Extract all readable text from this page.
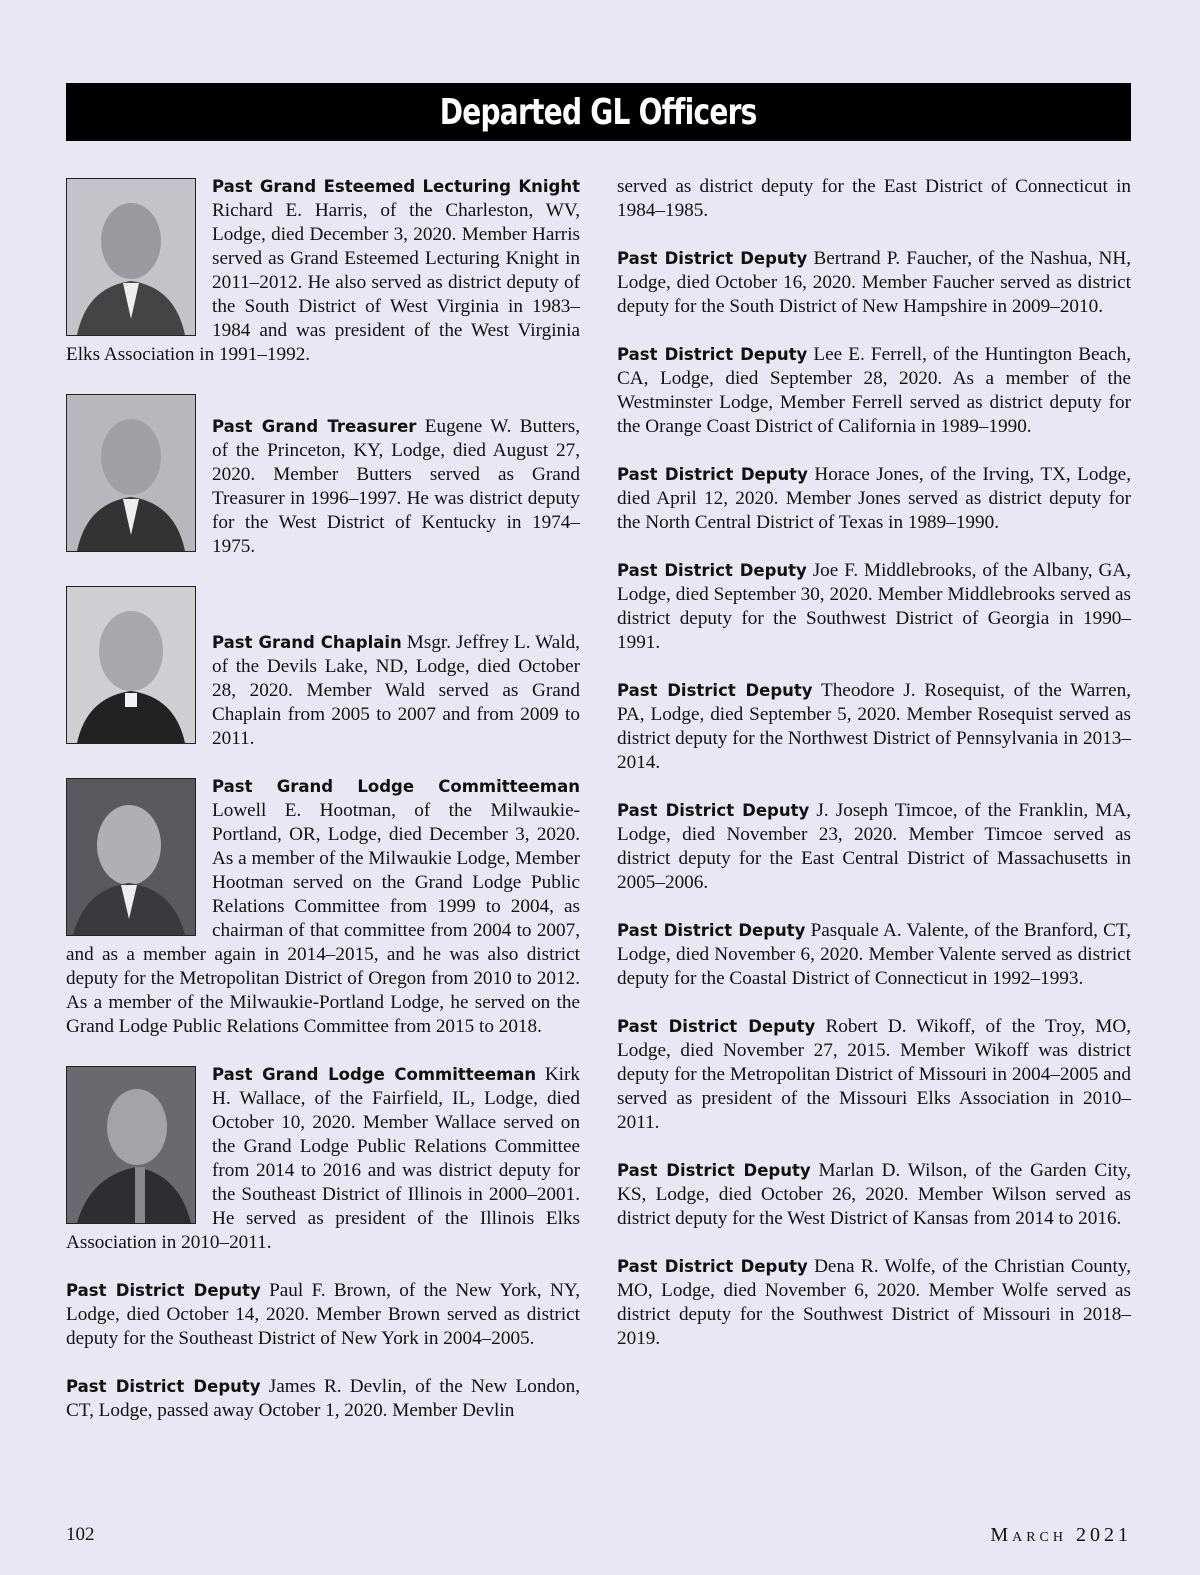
Departed GL Officers

Past Grand Esteemed Lecturing Knight Richard E. Harris, of the Charleston, WV, Lodge, died December 3, 2020. Member Harris served as Grand Esteemed Lecturing Knight in 2011–2012. He also served as district deputy of the South District of West Virginia in 1983–1984 and was president of the West Virginia Elks Association in 1991–1992.

Past Grand Treasurer Eugene W. Butters, of the Princeton, KY, Lodge, died August 27, 2020. Member Butters served as Grand Treasurer in 1996–1997. He was district deputy for the West District of Kentucky in 1974–1975.

Past Grand Chaplain Msgr. Jeffrey L. Wald, of the Devils Lake, ND, Lodge, died October 28, 2020. Member Wald served as Grand Chaplain from 2005 to 2007 and from 2009 to 2011.

Past Grand Lodge Committeeman Lowell E. Hootman, of the Milwaukie-Portland, OR, Lodge, died December 3, 2020. As a member of the Milwaukie Lodge, Member Hootman served on the Grand Lodge Public Relations Committee from 1999 to 2004, as chairman of that committee from 2004 to 2007, and as a member again in 2014–2015, and he was also district deputy for the Metropolitan District of Oregon from 2010 to 2012. As a member of the Milwaukie-Portland Lodge, he served on the Grand Lodge Public Relations Committee from 2015 to 2018.

Past Grand Lodge Committeeman Kirk H. Wallace, of the Fairfield, IL, Lodge, died October 10, 2020. Member Wallace served on the Grand Lodge Public Relations Committee from 2014 to 2016 and was district deputy for the Southeast District of Illinois in 2000–2001. He served as president of the Illinois Elks Association in 2010–2011.

Past District Deputy Paul F. Brown, of the New York, NY, Lodge, died October 14, 2020. Member Brown served as district deputy for the Southeast District of New York in 2004–2005.

Past District Deputy James R. Devlin, of the New London, CT, Lodge, passed away October 1, 2020. Member Devlin

served as district deputy for the East District of Connecticut in 1984–1985.

Past District Deputy Bertrand P. Faucher, of the Nashua, NH, Lodge, died October 16, 2020. Member Faucher served as district deputy for the South District of New Hampshire in 2009–2010.

Past District Deputy Lee E. Ferrell, of the Huntington Beach, CA, Lodge, died September 28, 2020. As a member of the Westminster Lodge, Member Ferrell served as district deputy for the Orange Coast District of California in 1989–1990.

Past District Deputy Horace Jones, of the Irving, TX, Lodge, died April 12, 2020. Member Jones served as district deputy for the North Central District of Texas in 1989–1990.

Past District Deputy Joe F. Middlebrooks, of the Albany, GA, Lodge, died September 30, 2020. Member Middlebrooks served as district deputy for the Southwest District of Georgia in 1990–1991.

Past District Deputy Theodore J. Rosequist, of the Warren, PA, Lodge, died September 5, 2020. Member Rosequist served as district deputy for the Northwest District of Pennsylvania in 2013–2014.

Past District Deputy J. Joseph Timcoe, of the Franklin, MA, Lodge, died November 23, 2020. Member Timcoe served as district deputy for the East Central District of Massachusetts in 2005–2006.

Past District Deputy Pasquale A. Valente, of the Branford, CT, Lodge, died November 6, 2020. Member Valente served as district deputy for the Coastal District of Connecticut in 1992–1993.

Past District Deputy Robert D. Wikoff, of the Troy, MO, Lodge, died November 27, 2015. Member Wikoff was district deputy for the Metropolitan District of Missouri in 2004–2005 and served as president of the Missouri Elks Association in 2010–2011.

Past District Deputy Marlan D. Wilson, of the Garden City, KS, Lodge, died October 26, 2020. Member Wilson served as district deputy for the West District of Kansas from 2014 to 2016.

Past District Deputy Dena R. Wolfe, of the Christian County, MO, Lodge, died November 6, 2020. Member Wolfe served as district deputy for the Southwest District of Missouri in 2018–2019.

102	March 2021
